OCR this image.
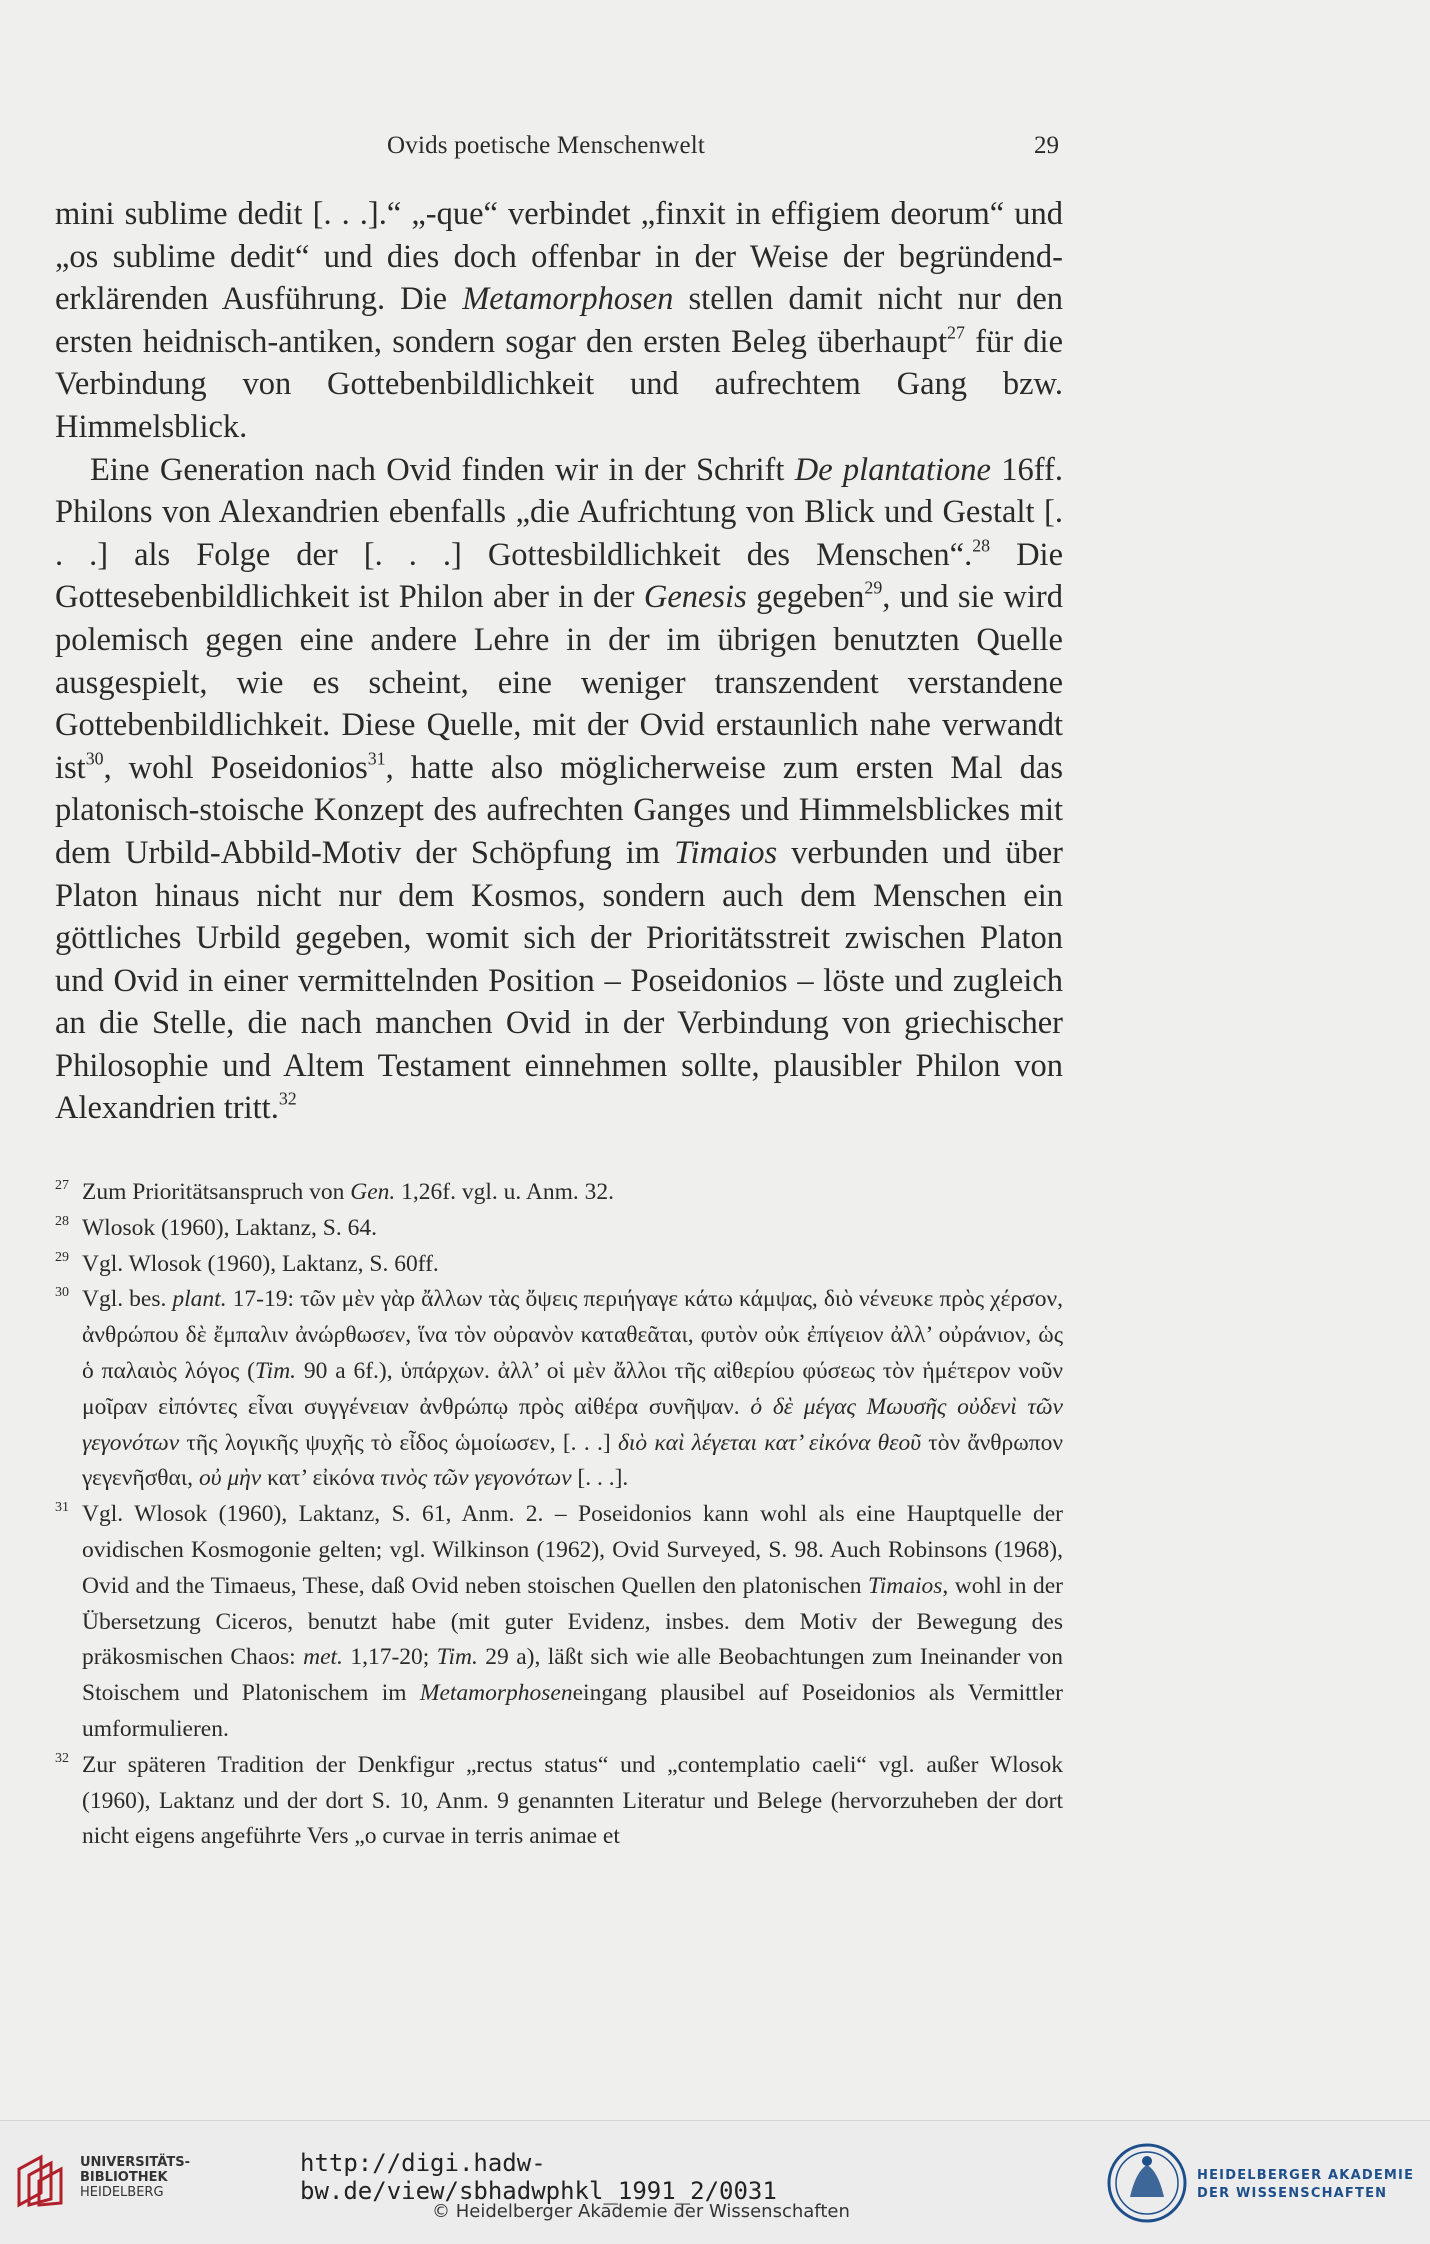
Ovids poetische Menschenwelt	29

mini sublime dedit [. . .].“ „-que“ verbindet „finxit in effigiem deorum“ und „os sublime dedit“ und dies doch offenbar in der Weise der begründend-erklärenden Ausführung. Die Metamorphosen stellen damit nicht nur den ersten heidnisch-antiken, sondern sogar den ersten Beleg überhaupt$^{27}$ für die Verbindung von Gottebenbildlichkeit und aufrechtem Gang bzw. Himmelsblick.

Eine Generation nach Ovid finden wir in der Schrift De plantatione 16ff. Philons von Alexandrien ebenfalls „die Aufrichtung von Blick und Gestalt [. . .] als Folge der [. . .] Gottesbildlichkeit des Menschen“.$^{28}$ Die Gottesebenbildlichkeit ist Philon aber in der Genesis gegeben$^{29}$, und sie wird polemisch gegen eine andere Lehre in der im übrigen benutzten Quelle ausgespielt, wie es scheint, eine weniger transzendent verstandene Gottebenbildlichkeit. Diese Quelle, mit der Ovid erstaunlich nahe verwandt ist$^{30}$, wohl Poseidonios$^{31}$, hatte also möglicherweise zum ersten Mal das platonisch-stoische Konzept des aufrechten Ganges und Himmelsblickes mit dem Urbild-Abbild-Motiv der Schöpfung im Timaios verbunden und über Platon hinaus nicht nur dem Kosmos, sondern auch dem Menschen ein göttliches Urbild gegeben, womit sich der Prioritätsstreit zwischen Platon und Ovid in einer vermittelnden Position – Poseidonios – löste und zugleich an die Stelle, die nach manchen Ovid in der Verbindung von griechischer Philosophie und Altem Testament einnehmen sollte, plausibler Philon von Alexandrien tritt.$^{32}$

27 Zum Prioritätsanspruch von Gen. 1,26f. vgl. u. Anm. 32.
28 Wlosok (1960), Laktanz, S. 64.
29 Vgl. Wlosok (1960), Laktanz, S. 60ff.
30 Vgl. bes. plant. 17-19: τῶν μὲν γὰρ ἄλλων τὰς ὄψεις περιήγαγε κάτω κάμψας, διὸ νένευκε πρὸς χέρσον, ἀνθρώπου δὲ ἔμπαλιν ἀνώρθωσεν, ἵνα τὸν οὐρανὸν καταθεᾶται, φυτὸν οὐκ ἐπίγειον ἀλλ’ οὐράνιον, ὡς ὁ παλαιὸς λόγος (Tim. 90 a 6f.), ὑπάρχων. ἀλλ’ οἱ μὲν ἄλλοι τῆς αἰθερίου φύσεως τὸν ἡμέτερον νοῦν μοῖραν εἰπόντες εἶναι συγγένειαν ἀνθρώπῳ πρὸς αἰθέρα συνῆψαν. ὁ δὲ μέγας Μωυσῆς οὐδενὶ τῶν γεγονότων τῆς λογικῆς ψυχῆς τὸ εἶδος ὡμοίωσεν, [. . .] διὸ καὶ λέγεται κατ’ εἰκόνα θεοῦ τὸν ἄνθρωπον γεγενῆσθαι, οὐ μὴν κατ’ εἰκόνα τινὸς τῶν γεγονότων [. . .].
31 Vgl. Wlosok (1960), Laktanz, S. 61, Anm. 2. – Poseidonios kann wohl als eine Hauptquelle der ovidischen Kosmogonie gelten; vgl. Wilkinson (1962), Ovid Surveyed, S. 98. Auch Robinsons (1968), Ovid and the Timaeus, These, daß Ovid neben stoischen Quellen den platonischen Timaios, wohl in der Übersetzung Ciceros, benutzt habe (mit guter Evidenz, insbes. dem Motiv der Bewegung des präkosmischen Chaos: met. 1,17-20; Tim. 29 a), läßt sich wie alle Beobachtungen zum Ineinander von Stoischem und Platonischem im Metamorphoseneingang plausibel auf Poseidonios als Vermittler umformulieren.
32 Zur späteren Tradition der Denkfigur „rectus status“ und „contemplatio caeli“ vgl. außer Wlosok (1960), Laktanz und der dort S. 10, Anm. 9 genannten Literatur und Belege (hervorzuheben der dort nicht eigens angeführte Vers „o curvae in terris animae et
UNIVERSITÄTS-
BIBLIOTHEK
HEIDELBERG
http://digi.hadw-bw.de/view/sbhadwphkl_1991_2/0031
© Heidelberger Akademie der Wissenschaften
HEIDELBERGER AKADEMIE
DER WISSENSCHAFTEN
